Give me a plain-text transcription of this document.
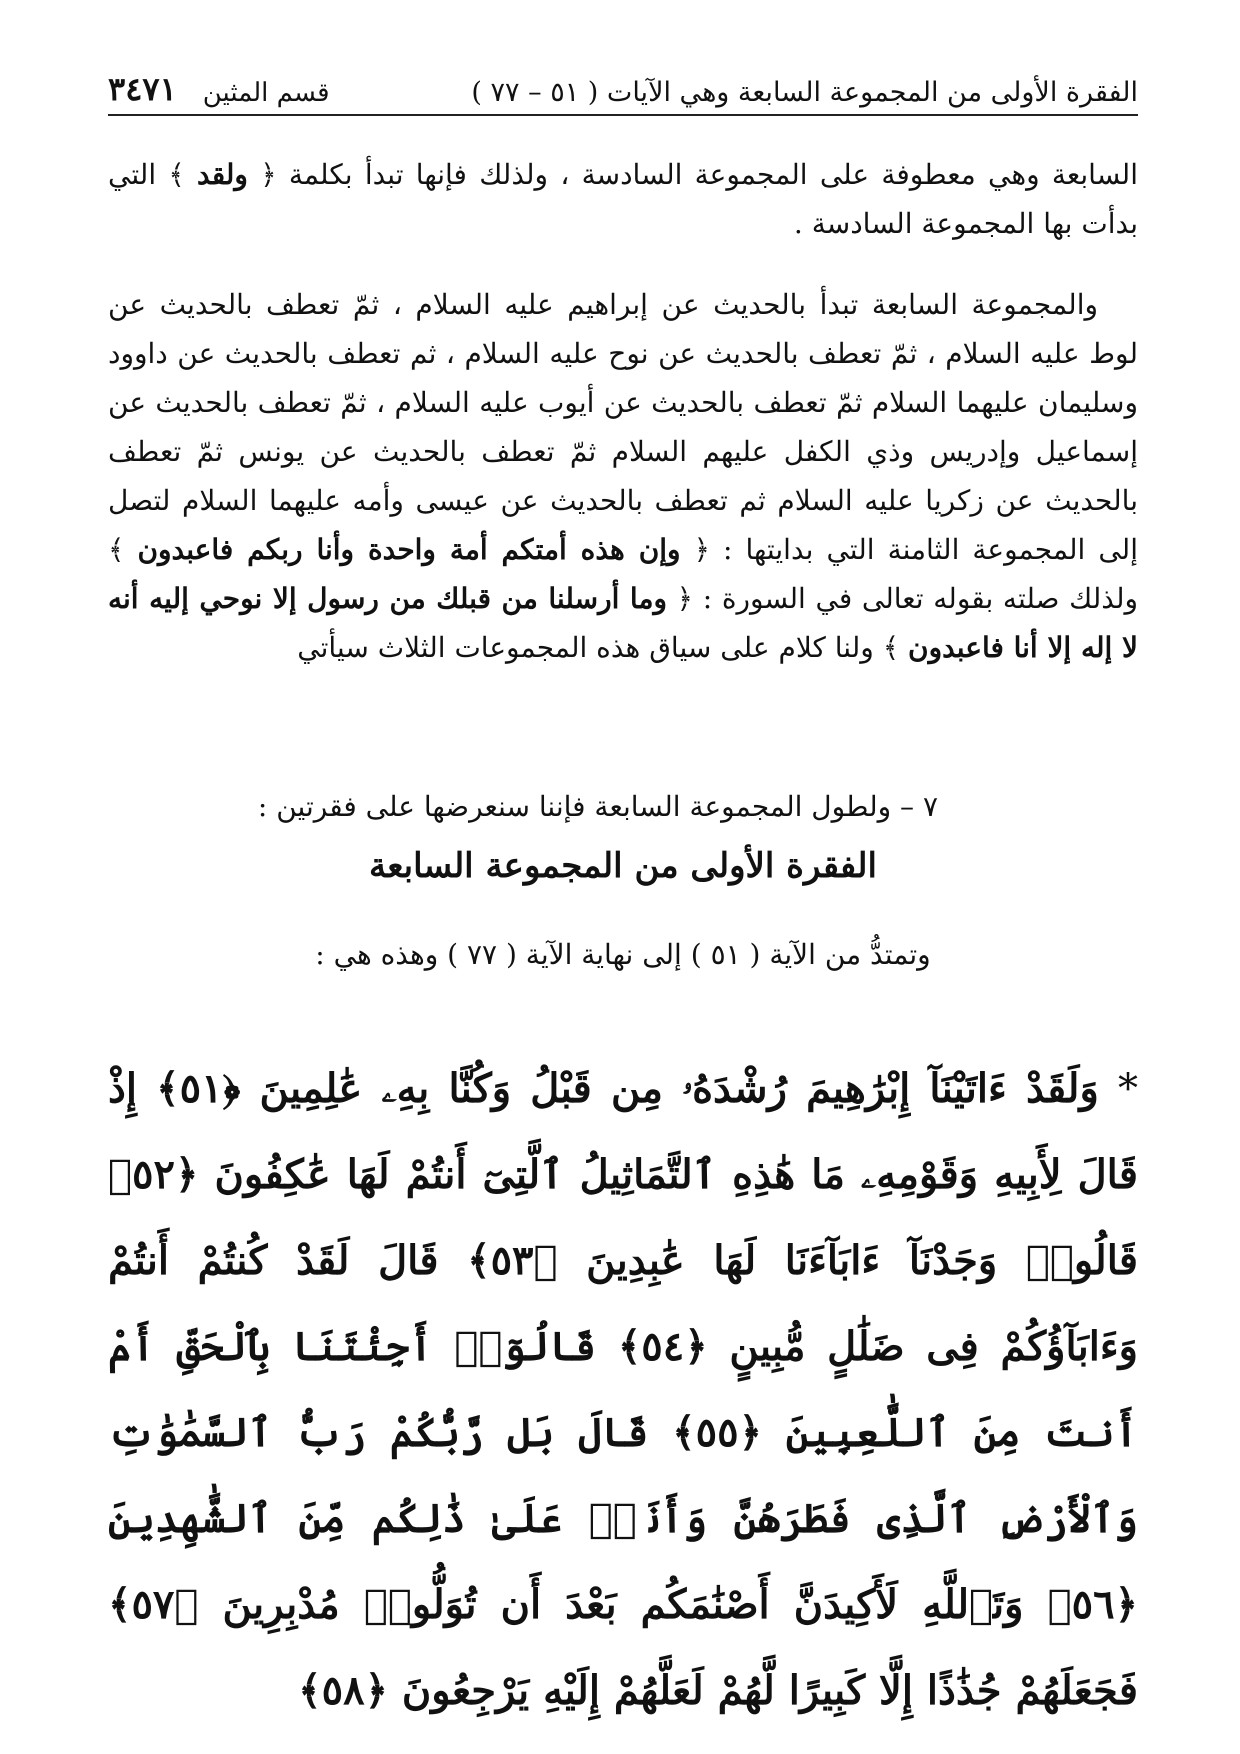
الفقرة الأولى من المجموعة السابعة وهي الآيات ( ٥١ – ٧٧ )
قسم المثين
٣٤٧١

السابعة وهي معطوفة على المجموعة السادسة ، ولذلك فإنها تبدأ بكلمة ﴿ ولقد ﴾ التي بدأت بها المجموعة السادسة .

والمجموعة السابعة تبدأ بالحديث عن إبراهيم عليه السلام ، ثمّ تعطف بالحديث عن لوط عليه السلام ، ثمّ تعطف بالحديث عن نوح عليه السلام ، ثم تعطف بالحديث عن داوود وسليمان عليهما السلام ثمّ تعطف بالحديث عن أيوب عليه السلام ، ثمّ تعطف بالحديث عن إسماعيل وإدريس وذي الكفل عليهم السلام ثمّ تعطف بالحديث عن يونس ثمّ تعطف بالحديث عن زكريا عليه السلام ثم تعطف بالحديث عن عيسى وأمه عليهما السلام لتصل إلى المجموعة الثامنة التي بدايتها : ﴿ وإن هذه أمتكم أمة واحدة وأنا ربكم فاعبدون ﴾ ولذلك صلته بقوله تعالى في السورة : ﴿ وما أرسلنا من قبلك من رسول إلا نوحي إليه أنه لا إله إلا أنا فاعبدون ﴾ ولنا كلام على سياق هذه المجموعات الثلاث سيأتي

٧ – ولطول المجموعة السابعة فإننا سنعرضها على فقرتين :

الفقرة الأولى من المجموعة السابعة

وتمتدُّ من الآية ( ٥١ ) إلى نهاية الآية ( ٧٧ ) وهذه هي :

* وَلَقَدْ ءَاتَيْنَآ إِبْرَٰهِيمَ رُشْدَهُۥ مِن قَبْلُ وَكُنَّا بِهِۦ عَٰلِمِينَ ﴿٥١﴾ إِذْ قَالَ لِأَبِيهِ وَقَوْمِهِۦ مَا هَٰذِهِ ٱلتَّمَاثِيلُ ٱلَّتِىٓ أَنتُمْ لَهَا عَٰكِفُونَ ﴿٥٢﴾ قَالُوا۟ وَجَدْنَآ ءَابَآءَنَا لَهَا عَٰبِدِينَ ﴿٥٣﴾ قَالَ لَقَدْ كُنتُمْ أَنتُمْ وَءَابَآؤُكُمْ فِى ضَلَٰلٍ مُّبِينٍ ﴿٥٤﴾ قَالُوٓا۟ أَجِئْتَنَا بِٱلْحَقِّ أَمْ أَنتَ مِنَ ٱللَّٰعِبِينَ ﴿٥٥﴾ قَالَ بَل رَّبُّكُمْ رَبُّ ٱلسَّمَٰوَٰتِ وَٱلْأَرْضِ ٱلَّذِى فَطَرَهُنَّ وَأَنَا۠ عَلَىٰ ذَٰلِكُم مِّنَ ٱلشَّٰهِدِينَ ﴿٥٦﴾ وَتَٱللَّهِ لَأَكِيدَنَّ أَصْنَٰمَكُم بَعْدَ أَن تُوَلُّوا۟ مُدْبِرِينَ ﴿٥٧﴾ فَجَعَلَهُمْ جُذَٰذًا إِلَّا كَبِيرًا لَّهُمْ لَعَلَّهُمْ إِلَيْهِ يَرْجِعُونَ ﴿٥٨﴾
